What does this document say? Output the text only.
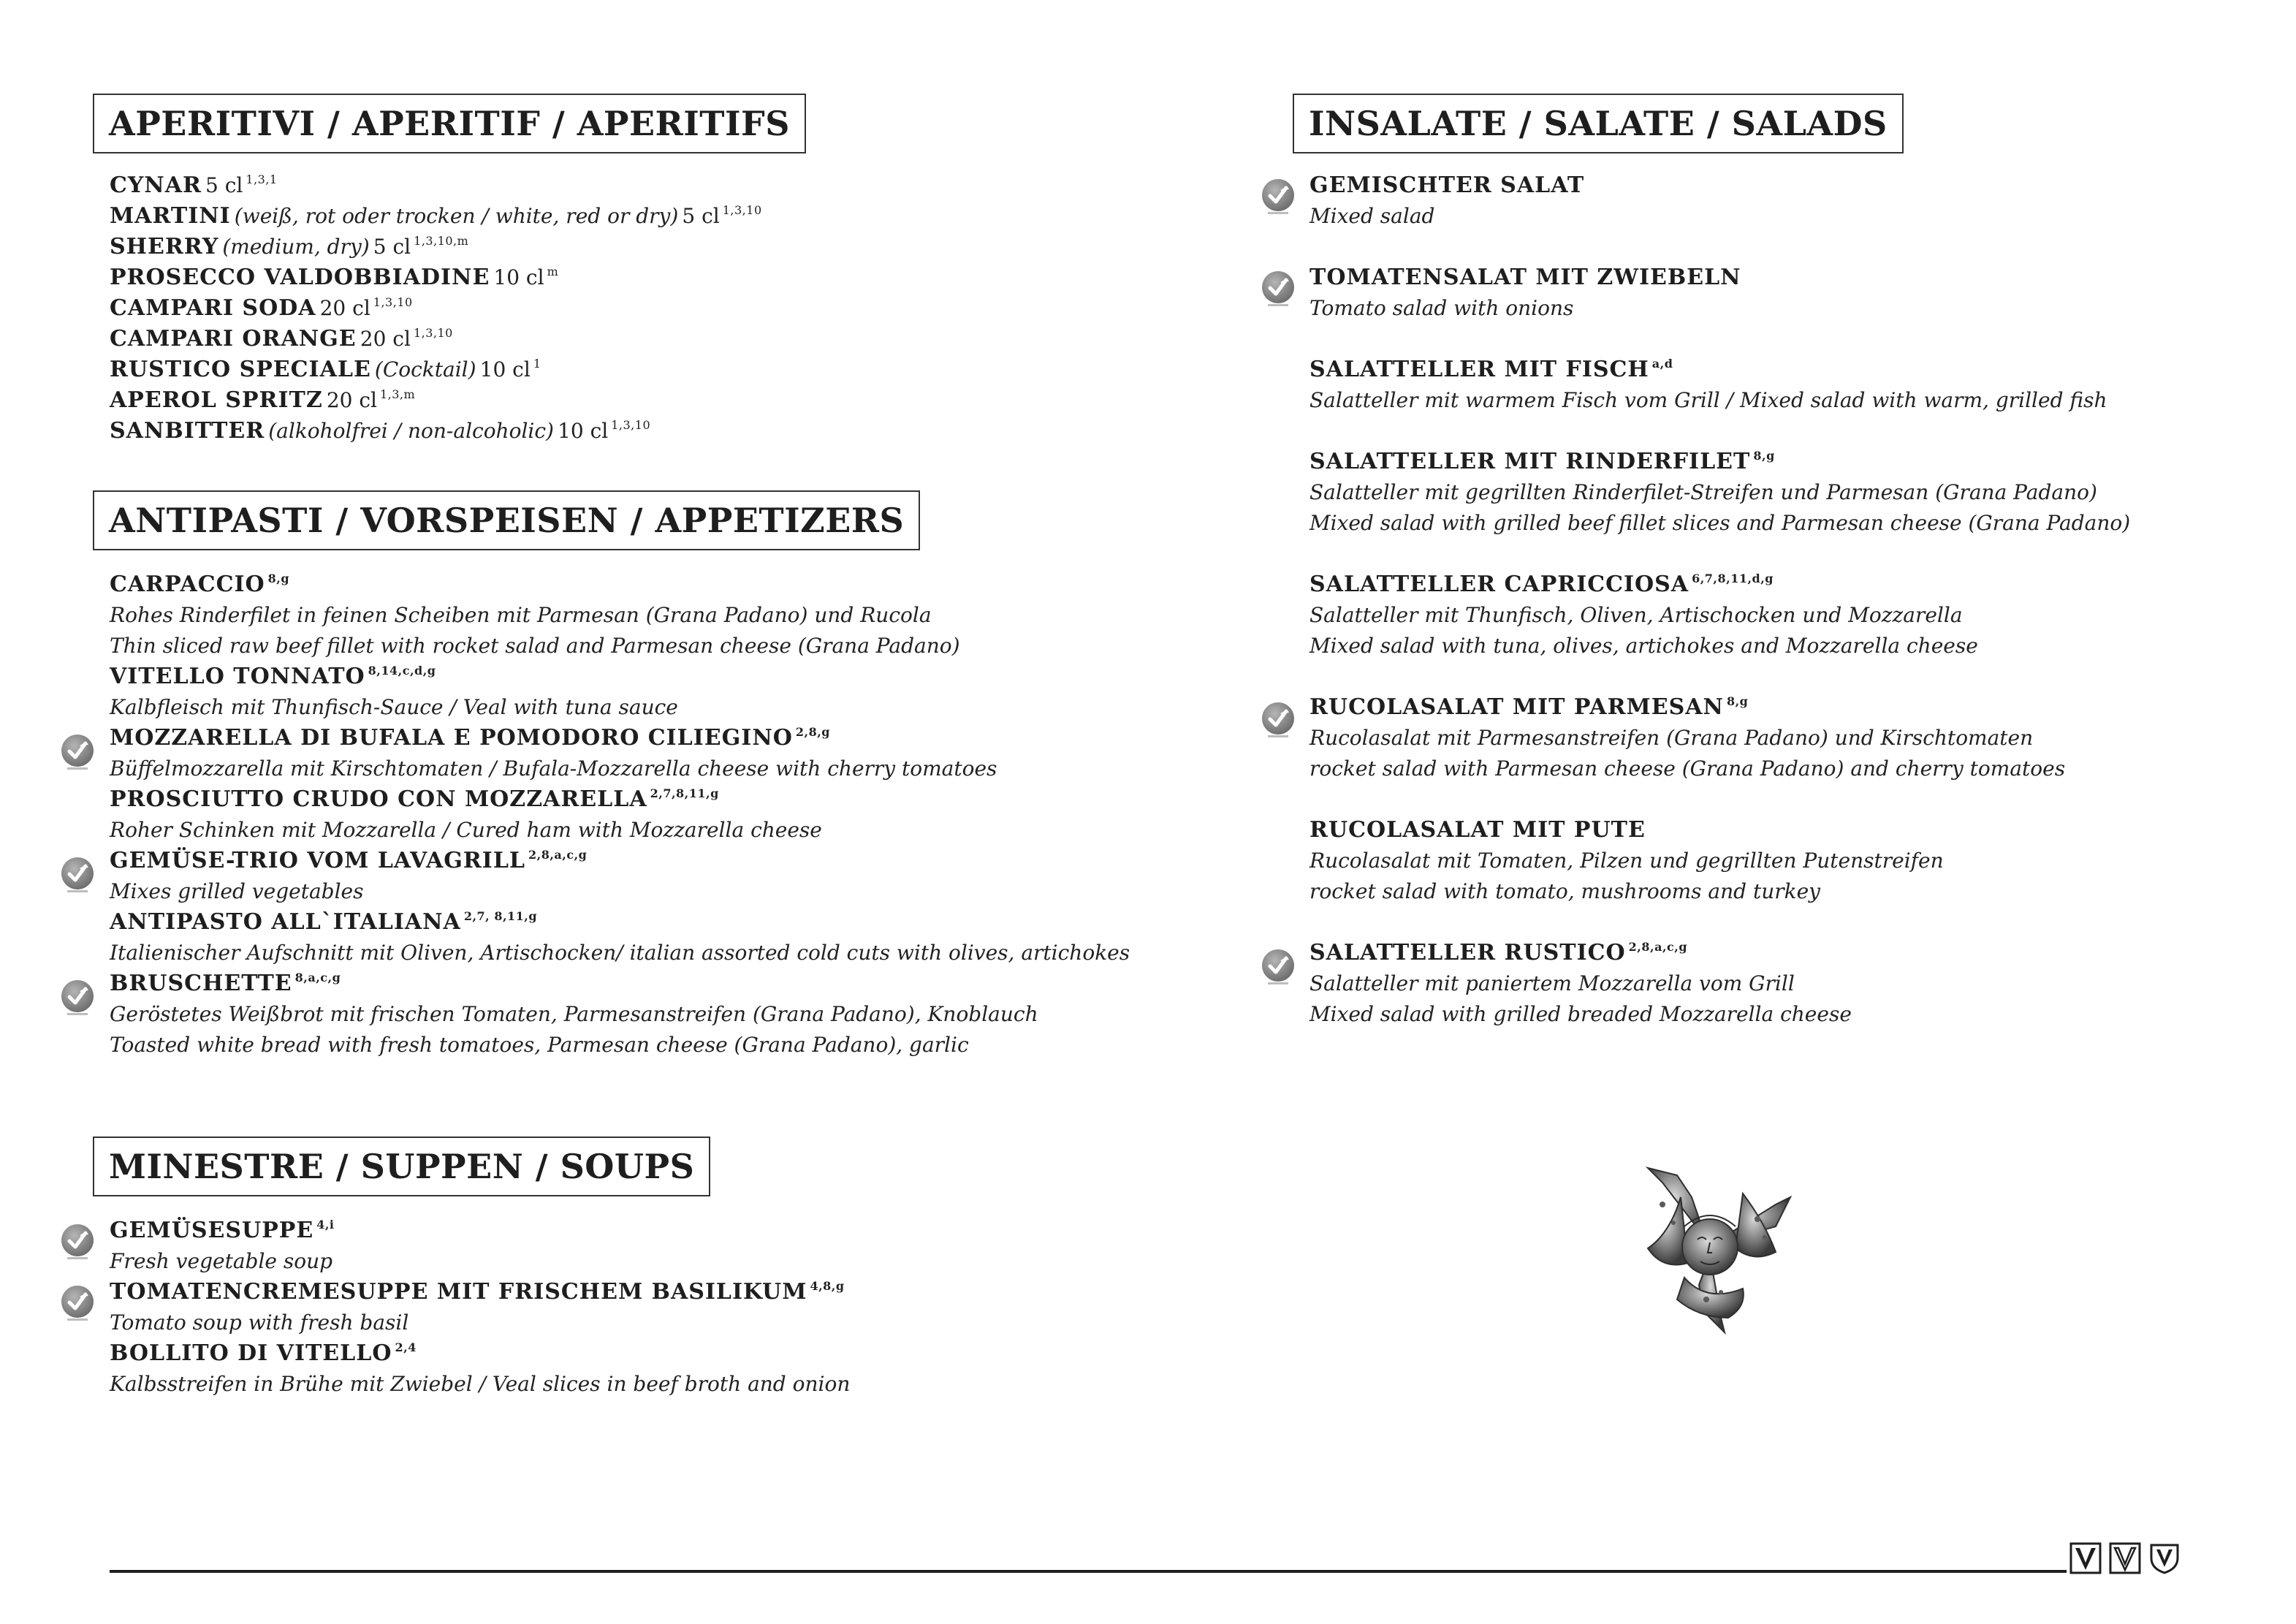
APERITIVI / APERITIF / APERITIFS
CYNAR 5 cl $^{1,3,1}$
MARTINI (weiß, rot oder trocken / white, red or dry) 5 cl $^{1,3,10}$
SHERRY (medium, dry) 5 cl $^{1,3,10,m}$
PROSECCO VALDOBBIADINE 10 cl $^m$
CAMPARI SODA 20 cl $^{1,3,10}$
CAMPARI ORANGE 20 cl $^{1,3,10}$
RUSTICO SPECIALE (Cocktail) 10 cl $^1$
APEROL SPRITZ 20 cl $^{1,3,m}$
SANBITTER (alkoholfrei / non-alcoholic) 10 cl $^{1,3,10}$
ANTIPASTI / VORSPEISEN / APPETIZERS
CARPACCIO $^{8,g}$
Rohes Rinderfilet in feinen Scheiben mit Parmesan (Grana Padano) und Rucola
Thin sliced raw beef fillet with rocket salad and Parmesan cheese (Grana Padano)
VITELLO TONNATO $^{8,14,c,d,g}$
Kalbfleisch mit Thunfisch-Sauce / Veal with tuna sauce
MOZZARELLA DI BUFALA E POMODORO CILIEGINO $^{2,8,g}$
Büffelmozzarella mit Kirschtomaten / Bufala-Mozzarella cheese with cherry tomatoes
PROSCIUTTO CRUDO CON MOZZARELLA $^{2,7,8,11,g}$
Roher Schinken mit Mozzarella / Cured ham with Mozzarella cheese
GEMÜSE-TRIO VOM LAVAGRILL $^{2,8,a,c,g}$
Mixes grilled vegetables
ANTIPASTO ALL`ITALIANA $^{2,7, 8,11,g}$
Italienischer Aufschnitt mit Oliven, Artischocken/ italian assorted cold cuts with olives, artichokes
BRUSCHETTE $^{8,a,c,g}$
Geröstetes Weißbrot mit frischen Tomaten, Parmesanstreifen (Grana Padano), Knoblauch
Toasted white bread with fresh tomatoes, Parmesan cheese (Grana Padano), garlic
MINESTRE / SUPPEN / SOUPS
GEMÜSESUPPE $^{4,i}$
Fresh vegetable soup
TOMATENCREMESUPPE MIT FRISCHEM BASILIKUM $^{4,8,g}$
Tomato soup with fresh basil
BOLLITO DI VITELLO $^{2,4}$
Kalbsstreifen in Brühe mit Zwiebel / Veal slices in beef broth and onion
INSALATE / SALATE / SALADS
GEMISCHTER SALAT
Mixed salad
TOMATENSALAT MIT ZWIEBELN
Tomato salad with onions
SALATTELLER MIT FISCH $^{a,d}$
Salatteller mit warmem Fisch vom Grill / Mixed salad with warm, grilled fish
SALATTELLER MIT RINDERFILET $^{8,g}$
Salatteller mit gegrillten Rinderfilet-Streifen und Parmesan (Grana Padano)
Mixed salad with grilled beef fillet slices and Parmesan cheese (Grana Padano)
SALATTELLER CAPRICCIOSA $^{6,7,8,11,d,g}$
Salatteller mit Thunfisch, Oliven, Artischocken und Mozzarella
Mixed salad with tuna, olives, artichokes and Mozzarella cheese
RUCOLASALAT MIT PARMESAN $^{8,g}$
Rucolasalat mit Parmesanstreifen (Grana Padano) und Kirschtomaten
rocket salad with Parmesan cheese (Grana Padano) and cherry tomatoes
RUCOLASALAT MIT PUTE
Rucolasalat mit Tomaten, Pilzen und gegrillten Putenstreifen
rocket salad with tomato, mushrooms and turkey
SALATTELLER RUSTICO $^{2,8,a,c,g}$
Salatteller mit paniertem Mozzarella vom Grill
Mixed salad with grilled breaded Mozzarella cheese
